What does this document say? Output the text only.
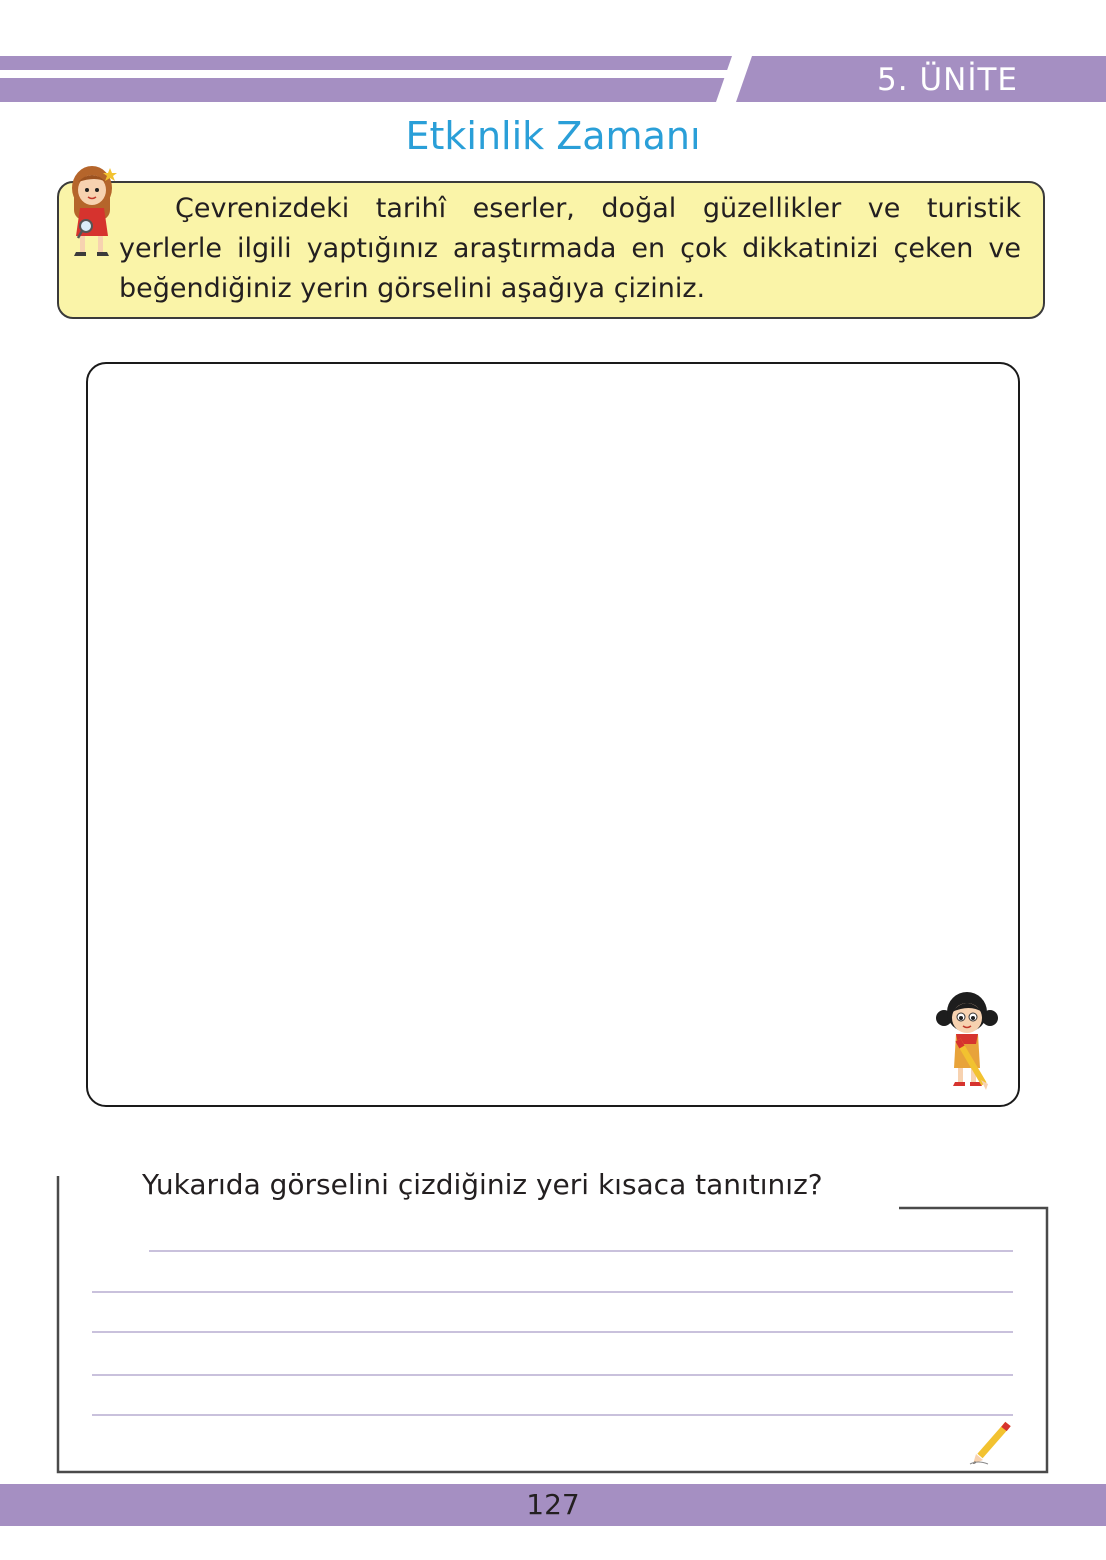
5. ÜNİTE
Etkinlik Zamanı
Çevrenizdeki tarihî eserler, doğal güzellikler ve turistik yerlerle ilgili yaptığınız araştırmada en çok dikkatinizi çeken ve beğendiğiniz yerin görselini aşağıya çiziniz.
Yukarıda görselini çizdiğiniz yeri kısaca tanıtınız?
127
